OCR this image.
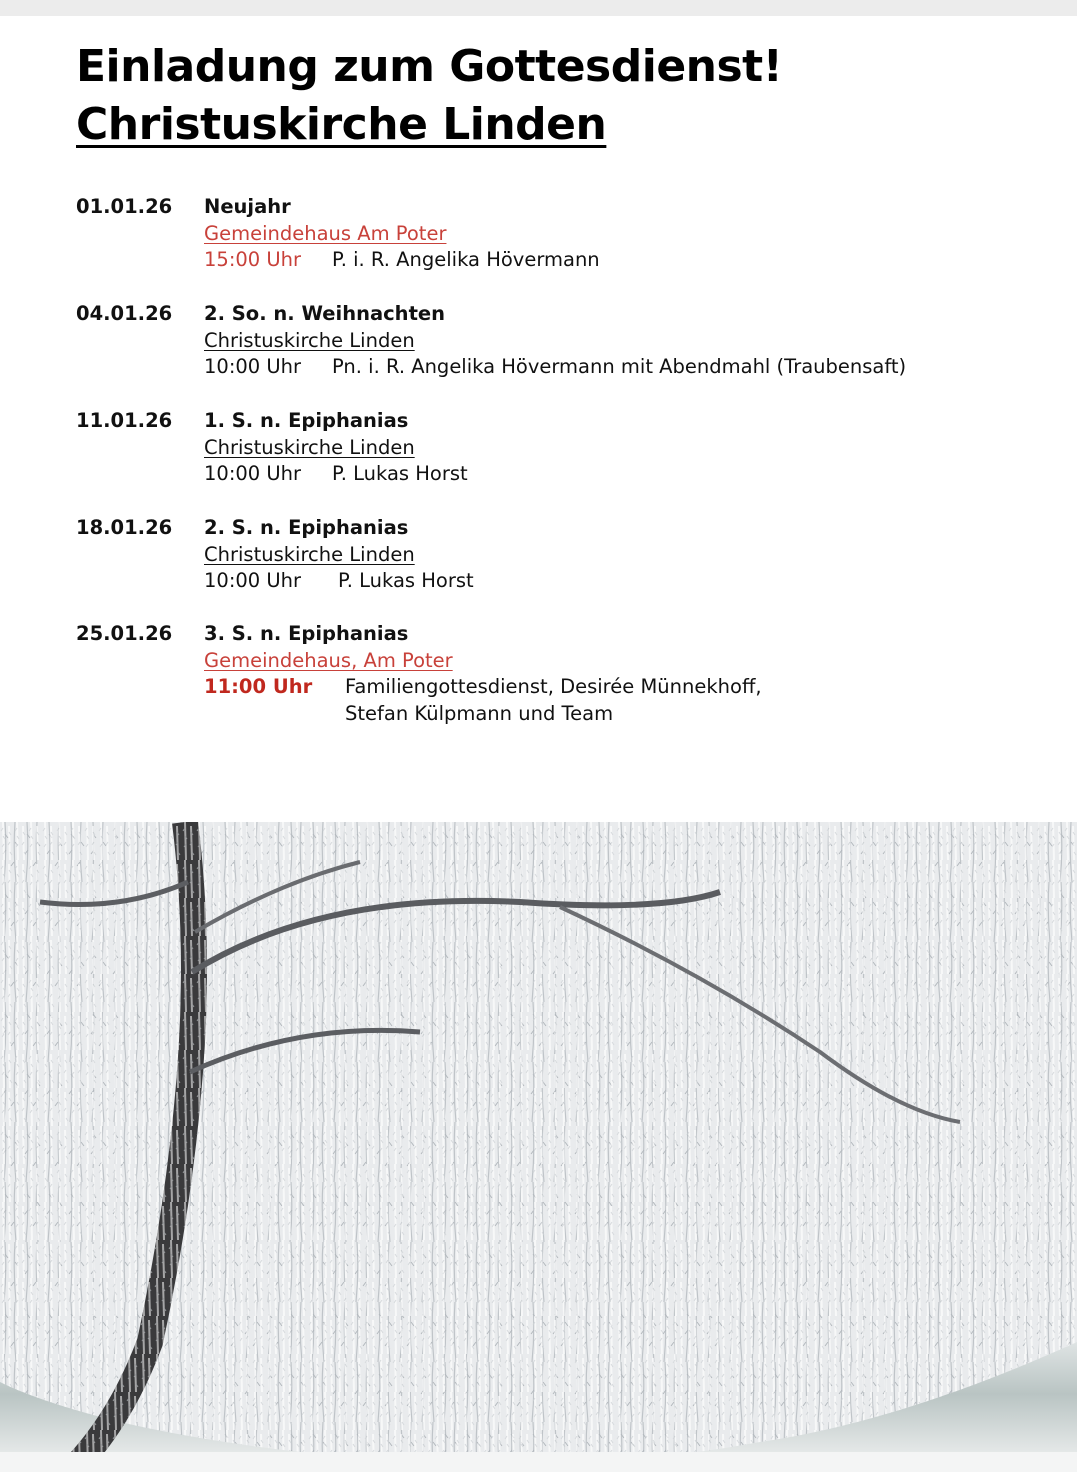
Einladung zum Gottesdienst!
Christuskirche Linden
01.01.26 Neujahr
Gemeindehaus Am Poter
15:00 Uhr P. i. R. Angelika Hövermann
04.01.26 2. So. n. Weihnachten
Christuskirche Linden
10:00 Uhr Pn. i. R. Angelika Hövermann mit Abendmahl (Traubensaft)
11.01.26 1. S. n. Epiphanias
Christuskirche Linden
10:00 Uhr P. Lukas Horst
18.01.26 2. S. n. Epiphanias
Christuskirche Linden
10:00 Uhr P. Lukas Horst
25.01.26 3. S. n. Epiphanias
Gemeindehaus, Am Poter
11:00 Uhr Familiengottesdienst, Desirée Münnekhoff,
Stefan Külpmann und Team
